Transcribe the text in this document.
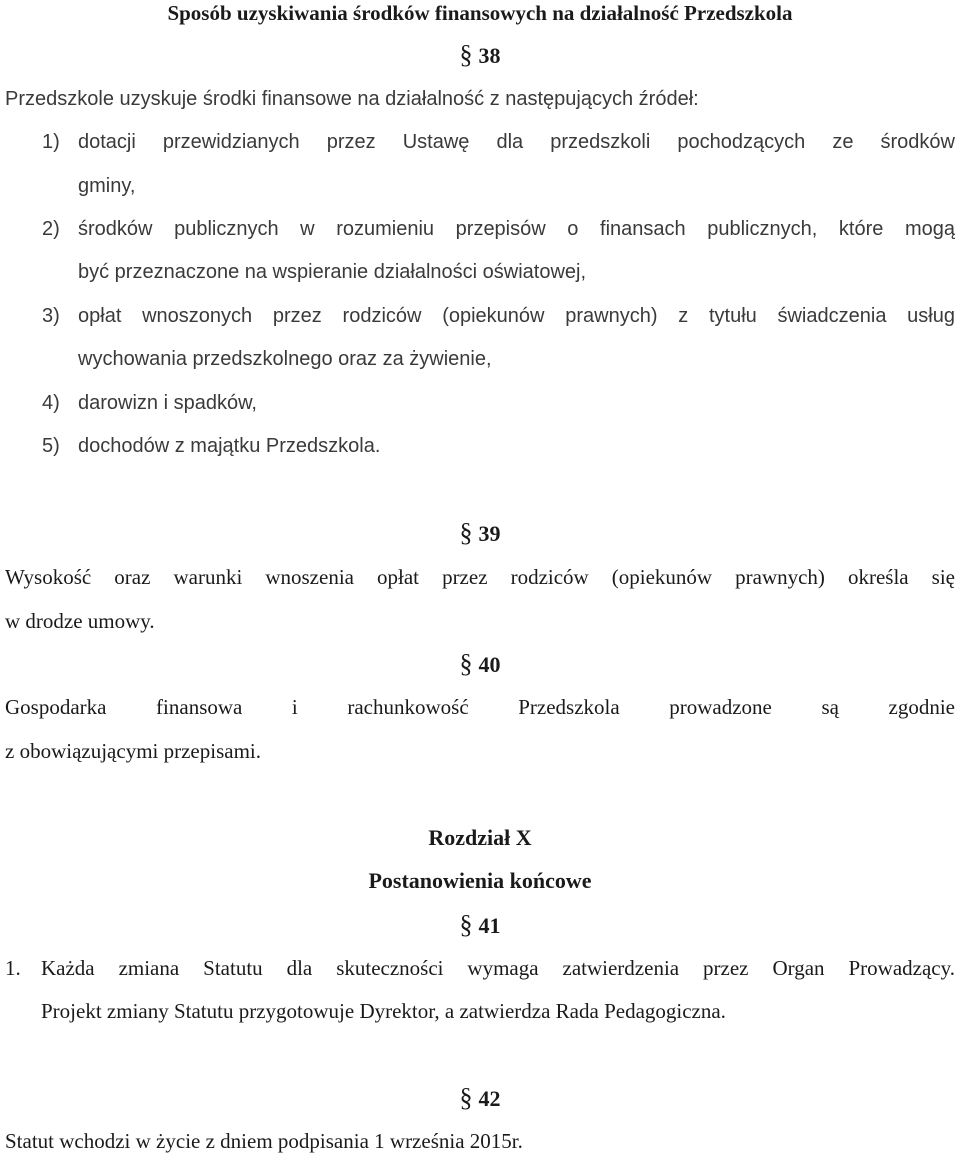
Sposób uzyskiwania środków finansowych na działalność Przedszkola
§ 38
Przedszkole uzyskuje środki finansowe na działalność z następujących źródeł:
1) dotacji przewidzianych przez Ustawę dla przedszkoli pochodzących ze środków
gminy,
2) środków publicznych w rozumieniu przepisów o finansach publicznych, które mogą
być przeznaczone na wspieranie działalności oświatowej,
3) opłat wnoszonych przez rodziców (opiekunów prawnych) z tytułu świadczenia usług
wychowania przedszkolnego oraz za żywienie,
4) darowizn i spadków,
5) dochodów z majątku Przedszkola.
§ 39
Wysokość oraz warunki wnoszenia opłat przez rodziców (opiekunów prawnych) określa się
w drodze umowy.
§ 40
Gospodarka finansowa i rachunkowość Przedszkola prowadzone są zgodnie
z obowiązującymi przepisami.
Rozdział X
Postanowienia końcowe
§ 41
1. Każda zmiana Statutu dla skuteczności wymaga zatwierdzenia przez Organ Prowadzący.
Projekt zmiany Statutu przygotowuje Dyrektor, a zatwierdza Rada Pedagogiczna.
§ 42
Statut wchodzi w życie z dniem podpisania 1 września 2015r.
